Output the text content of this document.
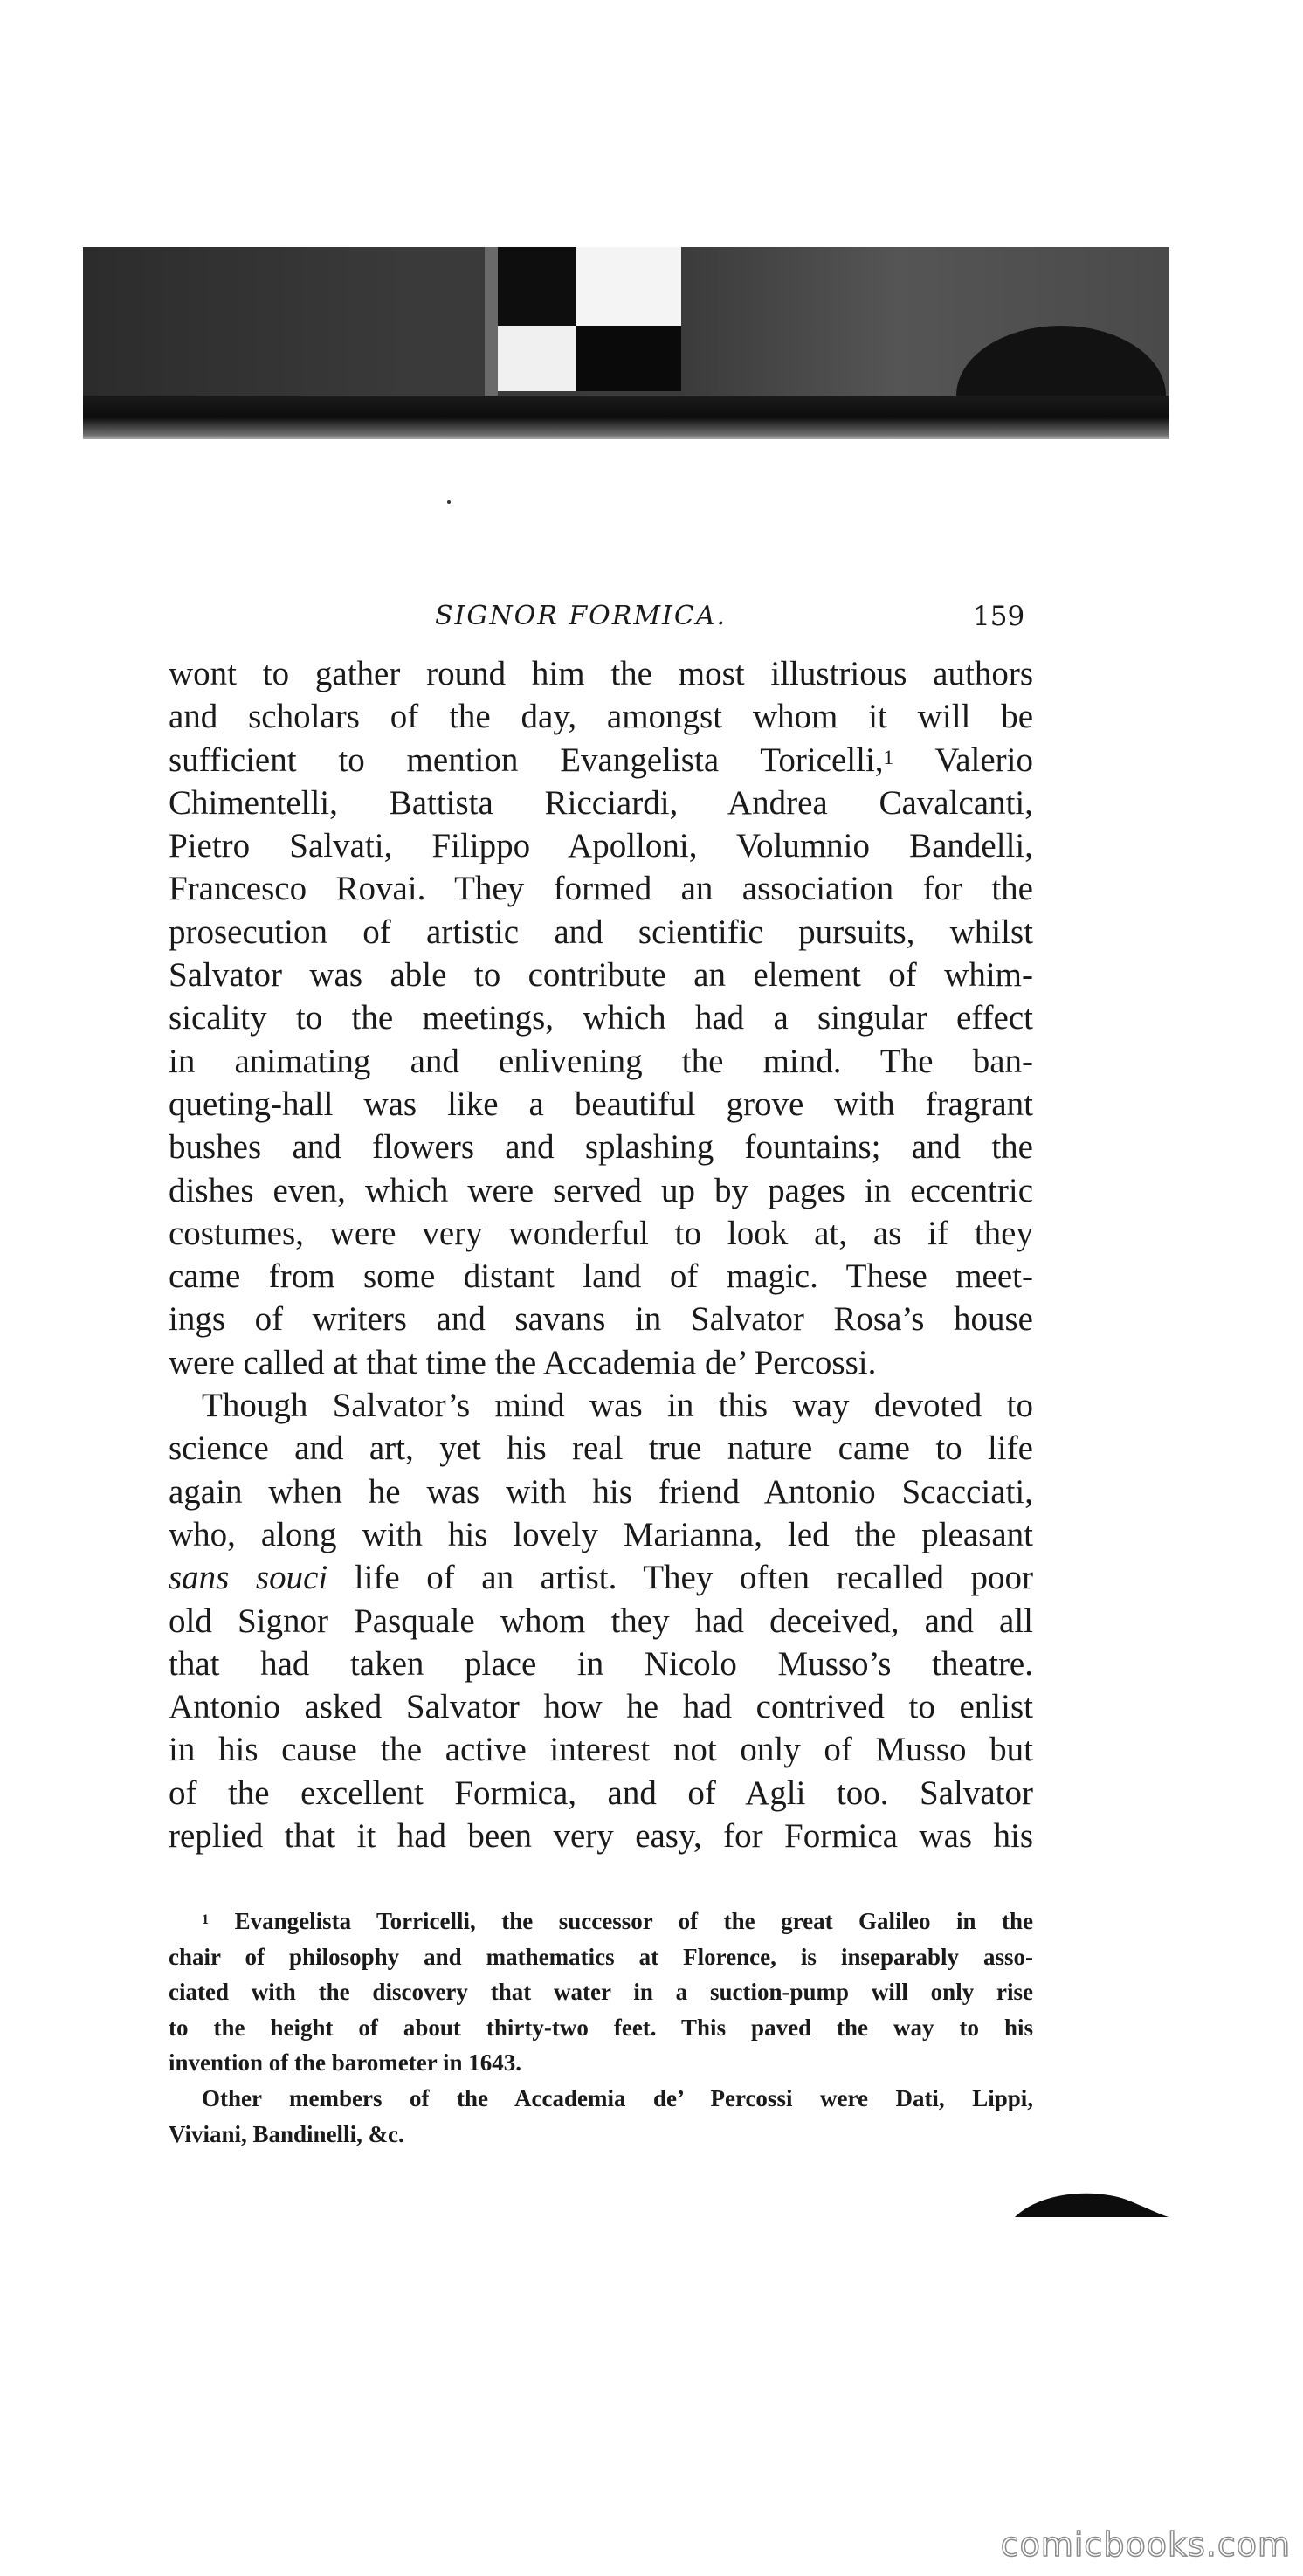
SIGNOR FORMICA.	159
wont to gather round him the most illustrious authors
and scholars of the day, amongst whom it will be
sufficient to mention Evangelista Toricelli,$^1$ Valerio
Chimentelli, Battista Ricciardi, Andrea Cavalcanti,
Pietro Salvati, Filippo Apolloni, Volumnio Bandelli,
Francesco Rovai. They formed an association for the
prosecution of artistic and scientific pursuits, whilst
Salvator was able to contribute an element of whim-
sicality to the meetings, which had a singular effect
in animating and enlivening the mind. The ban-
queting-hall was like a beautiful grove with fragrant
bushes and flowers and splashing fountains; and the
dishes even, which were served up by pages in eccentric
costumes, were very wonderful to look at, as if they
came from some distant land of magic. These meet-
ings of writers and savans in Salvator Rosa’s house
were called at that time the Accademia de’ Percossi.
Though Salvator’s mind was in this way devoted to
science and art, yet his real true nature came to life
again when he was with his friend Antonio Scacciati,
who, along with his lovely Marianna, led the pleasant
sans souci life of an artist. They often recalled poor
old Signor Pasquale whom they had deceived, and all
that had taken place in Nicolo Musso’s theatre.
Antonio asked Salvator how he had contrived to enlist
in his cause the active interest not only of Musso but
of the excellent Formica, and of Agli too. Salvator
replied that it had been very easy, for Formica was his
$^1$ Evangelista Torricelli, the successor of the great Galileo in the
chair of philosophy and mathematics at Florence, is inseparably asso-
ciated with the discovery that water in a suction-pump will only rise
to the height of about thirty-two feet. This paved the way to his
invention of the barometer in 1643.
Other members of the Accademia de’ Percossi were Dati, Lippi,
Viviani, Bandinelli, &c.
comicbooks.com
